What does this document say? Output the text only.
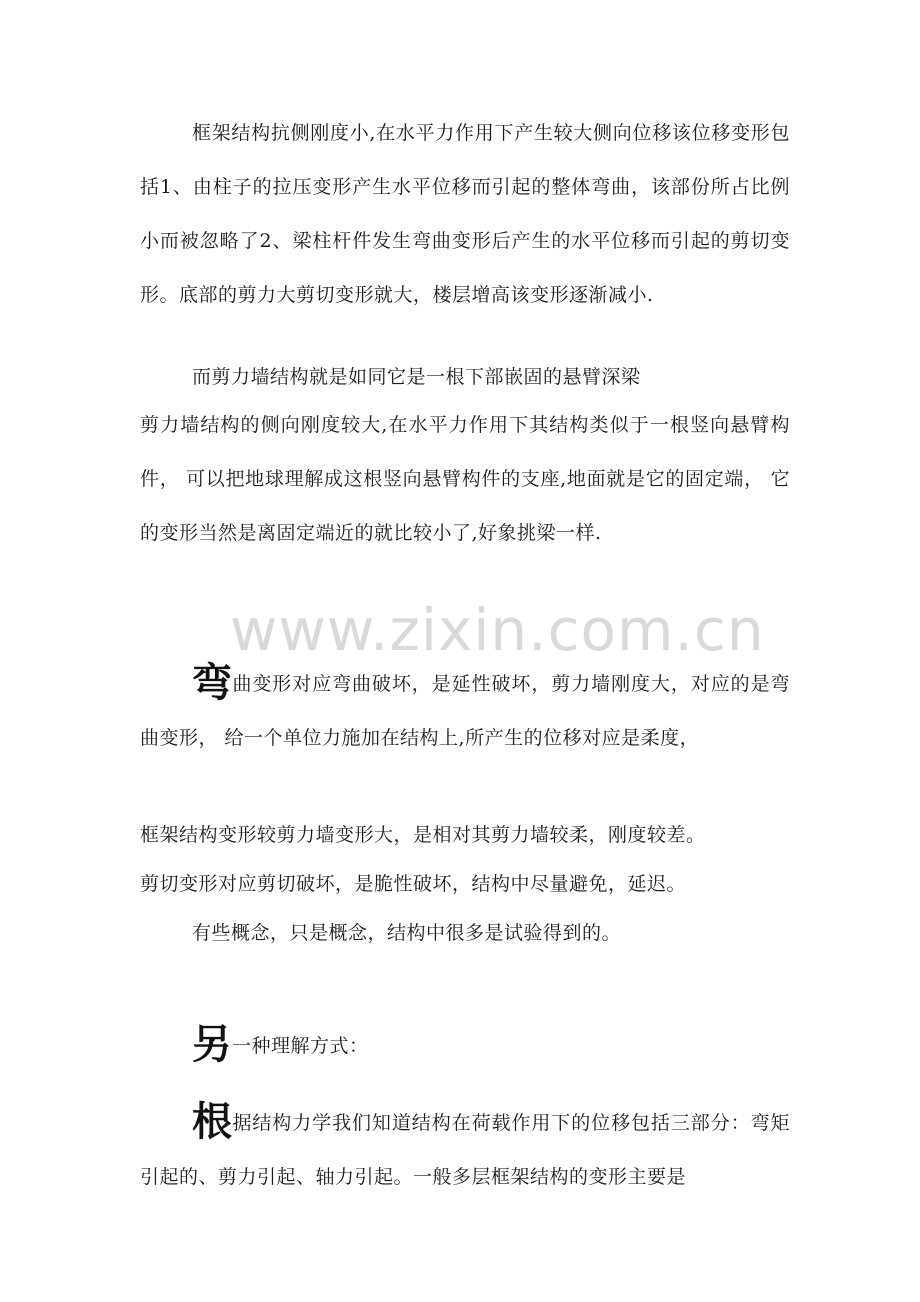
框架结构抗侧刚度小,在水平力作用下产生较大侧向位移该位移变形包括1、由柱子的拉压变形产生水平位移而引起的整体弯曲，该部份所占比例小而被忽略了2、梁柱杆件发生弯曲变形后产生的水平位移而引起的剪切变形。底部的剪力大剪切变形就大，楼层增高该变形逐渐减小.

而剪力墙结构就是如同它是一根下部嵌固的悬臂深梁

剪力墙结构的侧向刚度较大,在水平力作用下其结构类似于一根竖向悬臂构件， 可以把地球理解成这根竖向悬臂构件的支座,地面就是它的固定端， 它的变形当然是离固定端近的就比较小了,好象挑梁一样.

www.zixin.com.cn

弯曲变形对应弯曲破坏，是延性破坏，剪力墙刚度大，对应的是弯曲变形， 给一个单位力施加在结构上,所产生的位移对应是柔度，

框架结构变形较剪力墙变形大，是相对其剪力墙较柔，刚度较差。

剪切变形对应剪切破坏，是脆性破坏，结构中尽量避免，延迟。

有些概念，只是概念，结构中很多是试验得到的。

另一种理解方式：

根据结构力学我们知道结构在荷载作用下的位移包括三部分：弯矩引起的、剪力引起、轴力引起。一般多层框架结构的变形主要是
